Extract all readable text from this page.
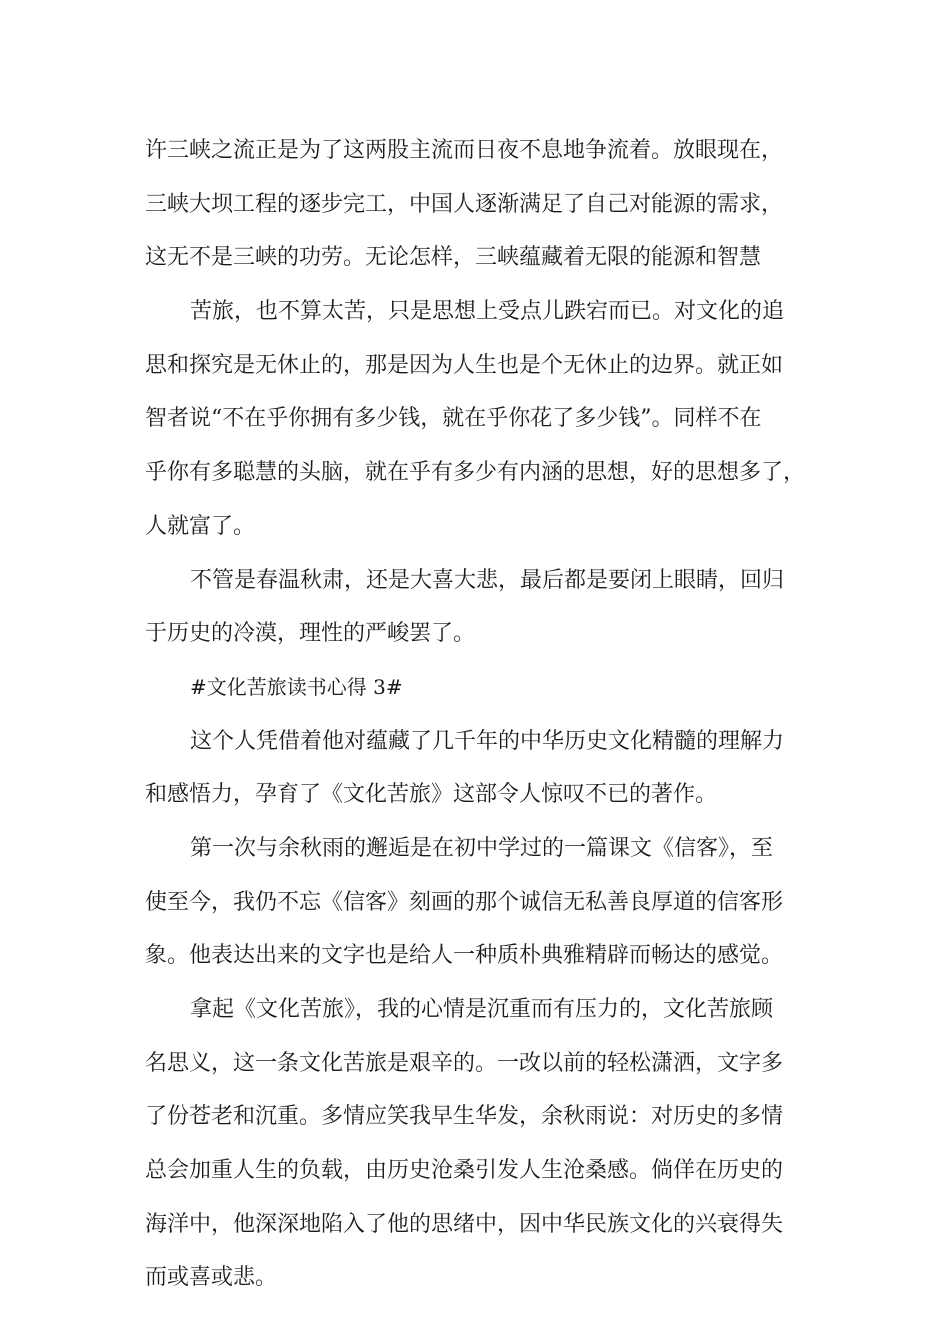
许三峡之流正是为了这两股主流而日夜不息地争流着。放眼现在，
三峡大坝工程的逐步完工，中国人逐渐满足了自己对能源的需求，
这无不是三峡的功劳。无论怎样，三峡蕴藏着无限的能源和智慧
苦旅，也不算太苦，只是思想上受点儿跌宕而已。对文化的追
思和探究是无休止的，那是因为人生也是个无休止的边界。就正如
智者说“不在乎你拥有多少钱，就在乎你花了多少钱”。同样不在
乎你有多聪慧的头脑，就在乎有多少有内涵的思想，好的思想多了，
人就富了。
不管是春温秋肃，还是大喜大悲，最后都是要闭上眼睛，回归
于历史的冷漠，理性的严峻罢了。
#文化苦旅读书心得 3#
这个人凭借着他对蕴藏了几千年的中华历史文化精髓的理解力
和感悟力，孕育了《文化苦旅》这部令人惊叹不已的著作。
第一次与余秋雨的邂逅是在初中学过的一篇课文《信客》，至
使至今，我仍不忘《信客》刻画的那个诚信无私善良厚道的信客形
象。他表达出来的文字也是给人一种质朴典雅精辟而畅达的感觉。
拿起《文化苦旅》，我的心情是沉重而有压力的，文化苦旅顾
名思义，这一条文化苦旅是艰辛的。一改以前的轻松潇洒，文字多
了份苍老和沉重。多情应笑我早生华发，余秋雨说：对历史的多情
总会加重人生的负载，由历史沧桑引发人生沧桑感。倘佯在历史的
海洋中，他深深地陷入了他的思绪中，因中华民族文化的兴衰得失
而或喜或悲。
